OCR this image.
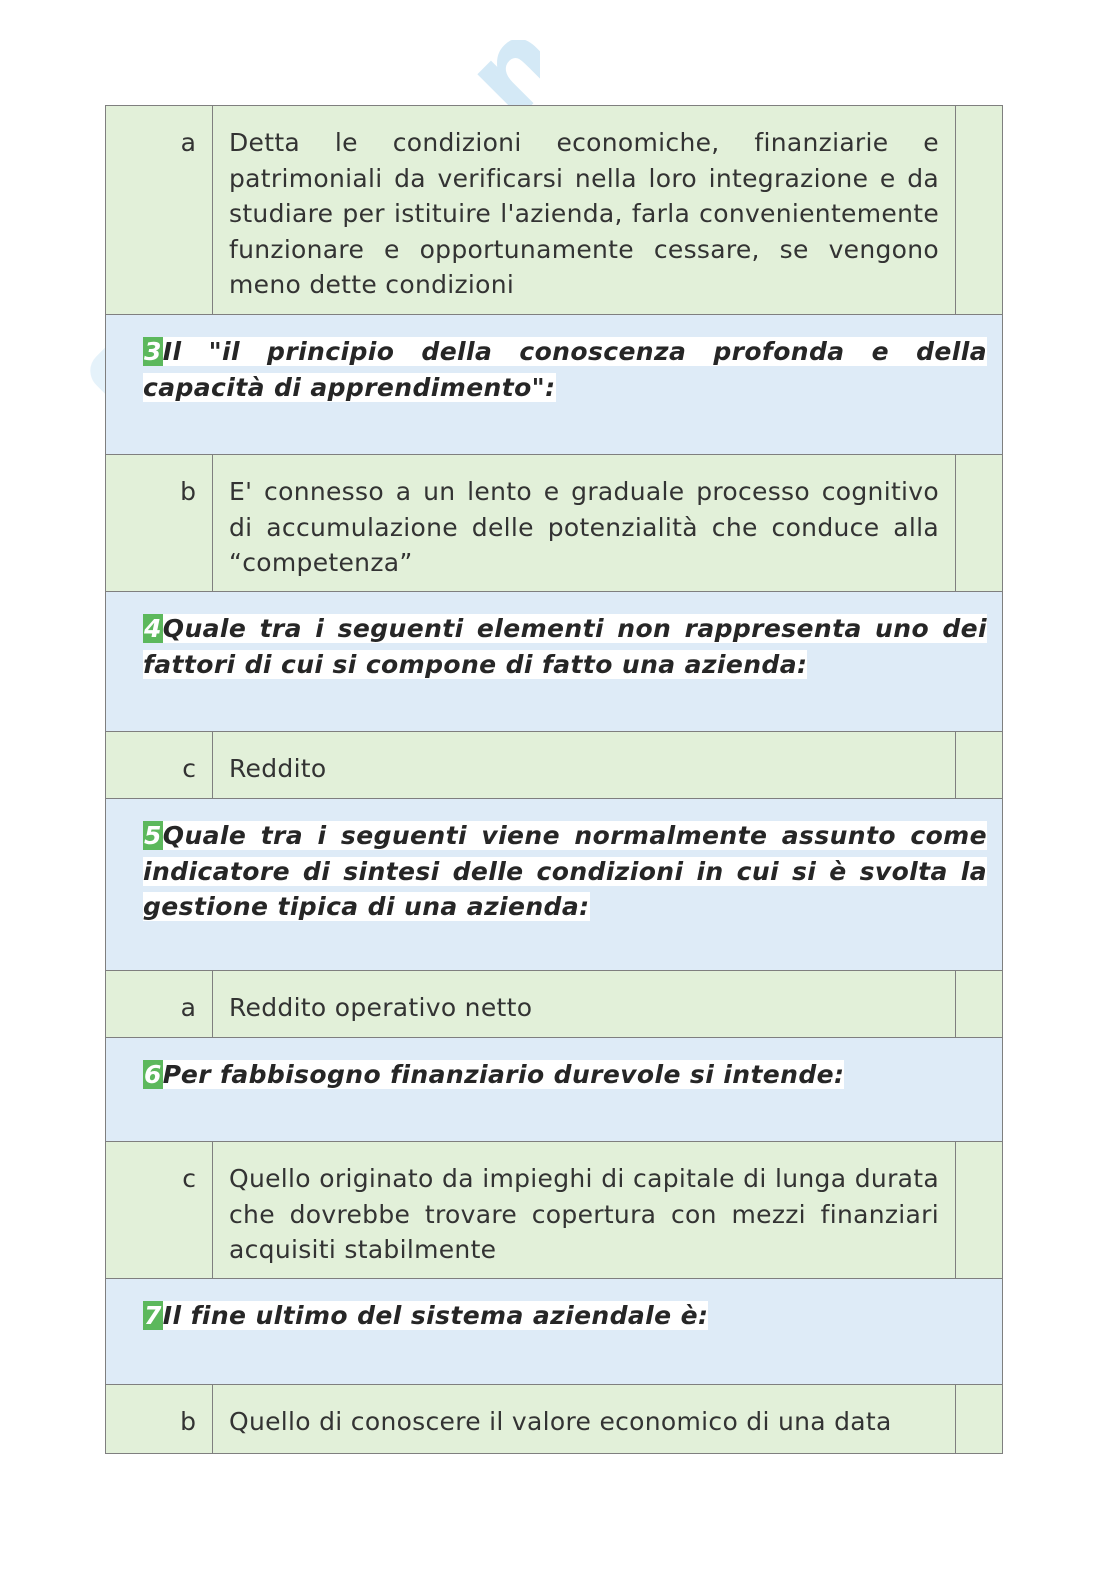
a	Detta le condizioni economiche, finanziarie e patrimoniali da verificarsi nella loro integrazione e da studiare per istituire l'azienda, farla convenientemente funzionare e opportunamente cessare, se vengono meno dette condizioni
3Il "il principio della conoscenza profonda e della capacità di apprendimento":
b	E' connesso a un lento e graduale processo cognitivo di accumulazione delle potenzialità che conduce alla “competenza”
4Quale tra i seguenti elementi non rappresenta uno dei fattori di cui si compone di fatto una azienda:
c	Reddito
5Quale tra i seguenti viene normalmente assunto come indicatore di sintesi delle condizioni in cui si è svolta la gestione tipica di una azienda:
a	Reddito operativo netto
6Per fabbisogno finanziario durevole si intende:
c	Quello originato da impieghi di capitale di lunga durata che dovrebbe trovare copertura con mezzi finanziari acquisiti stabilmente
7Il fine ultimo del sistema aziendale è:
b	Quello di conoscere il valore economico di una data
